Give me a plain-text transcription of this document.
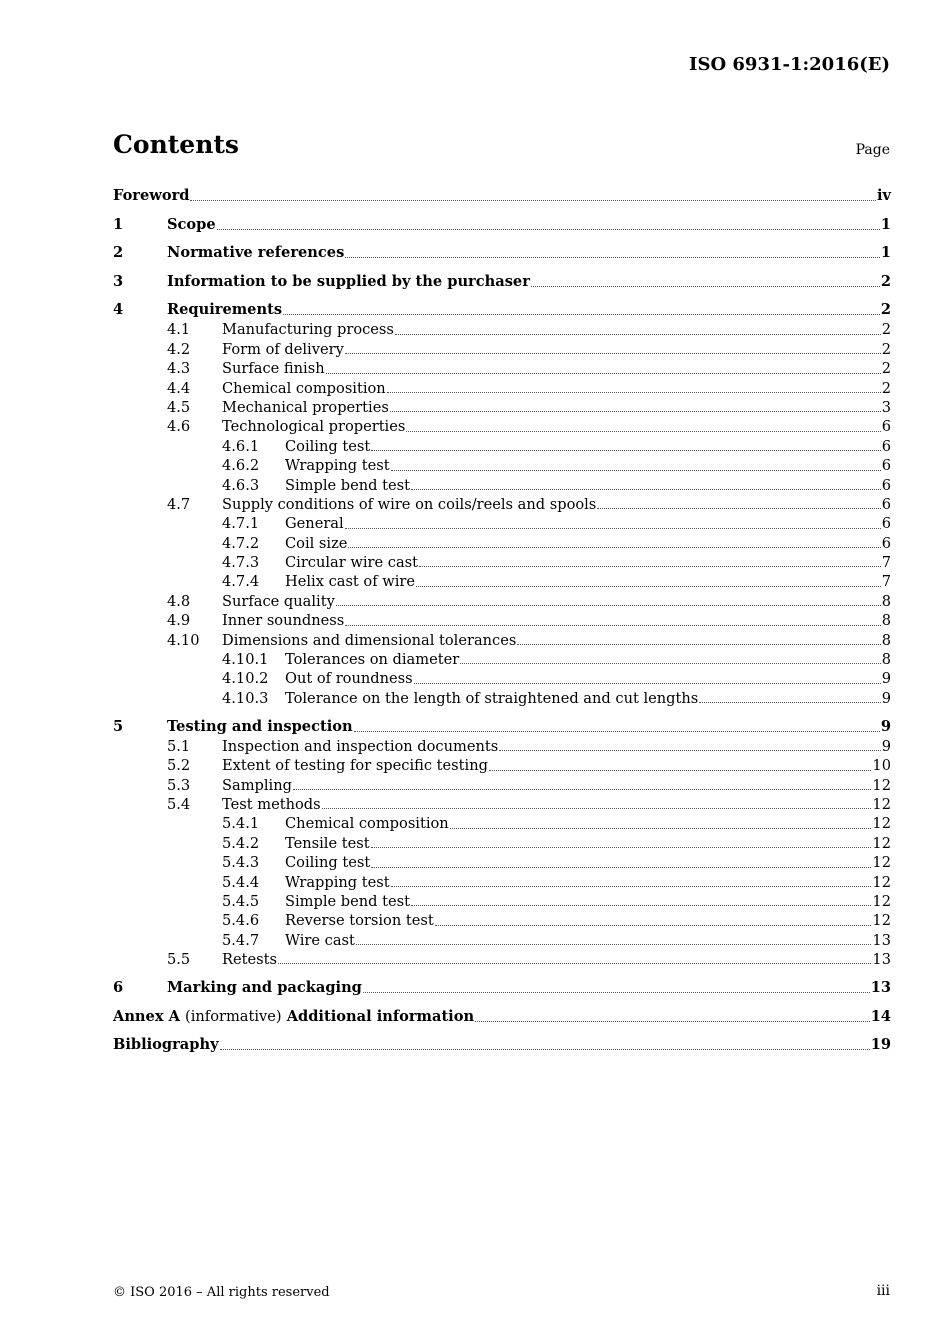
ISO 6931-1:2016(E)
Contents	Page
Foreword	iv
1	Scope	1
2	Normative references	1
3	Information to be supplied by the purchaser	2
4	Requirements	2
4.1	Manufacturing process	2
4.2	Form of delivery	2
4.3	Surface finish	2
4.4	Chemical composition	2
4.5	Mechanical properties	3
4.6	Technological properties	6
4.6.1	Coiling test	6
4.6.2	Wrapping test	6
4.6.3	Simple bend test	6
4.7	Supply conditions of wire on coils/reels and spools	6
4.7.1	General	6
4.7.2	Coil size	6
4.7.3	Circular wire cast	7
4.7.4	Helix cast of wire	7
4.8	Surface quality	8
4.9	Inner soundness	8
4.10	Dimensions and dimensional tolerances	8
4.10.1	Tolerances on diameter	8
4.10.2	Out of roundness	9
4.10.3	Tolerance on the length of straightened and cut lengths	9
5	Testing and inspection	9
5.1	Inspection and inspection documents	9
5.2	Extent of testing for specific testing	10
5.3	Sampling	12
5.4	Test methods	12
5.4.1	Chemical composition	12
5.4.2	Tensile test	12
5.4.3	Coiling test	12
5.4.4	Wrapping test	12
5.4.5	Simple bend test	12
5.4.6	Reverse torsion test	12
5.4.7	Wire cast	13
5.5	Retests	13
6	Marking and packaging	13
Annex A (informative) Additional information	14
Bibliography	19
© ISO 2016 – All rights reserved	iii
